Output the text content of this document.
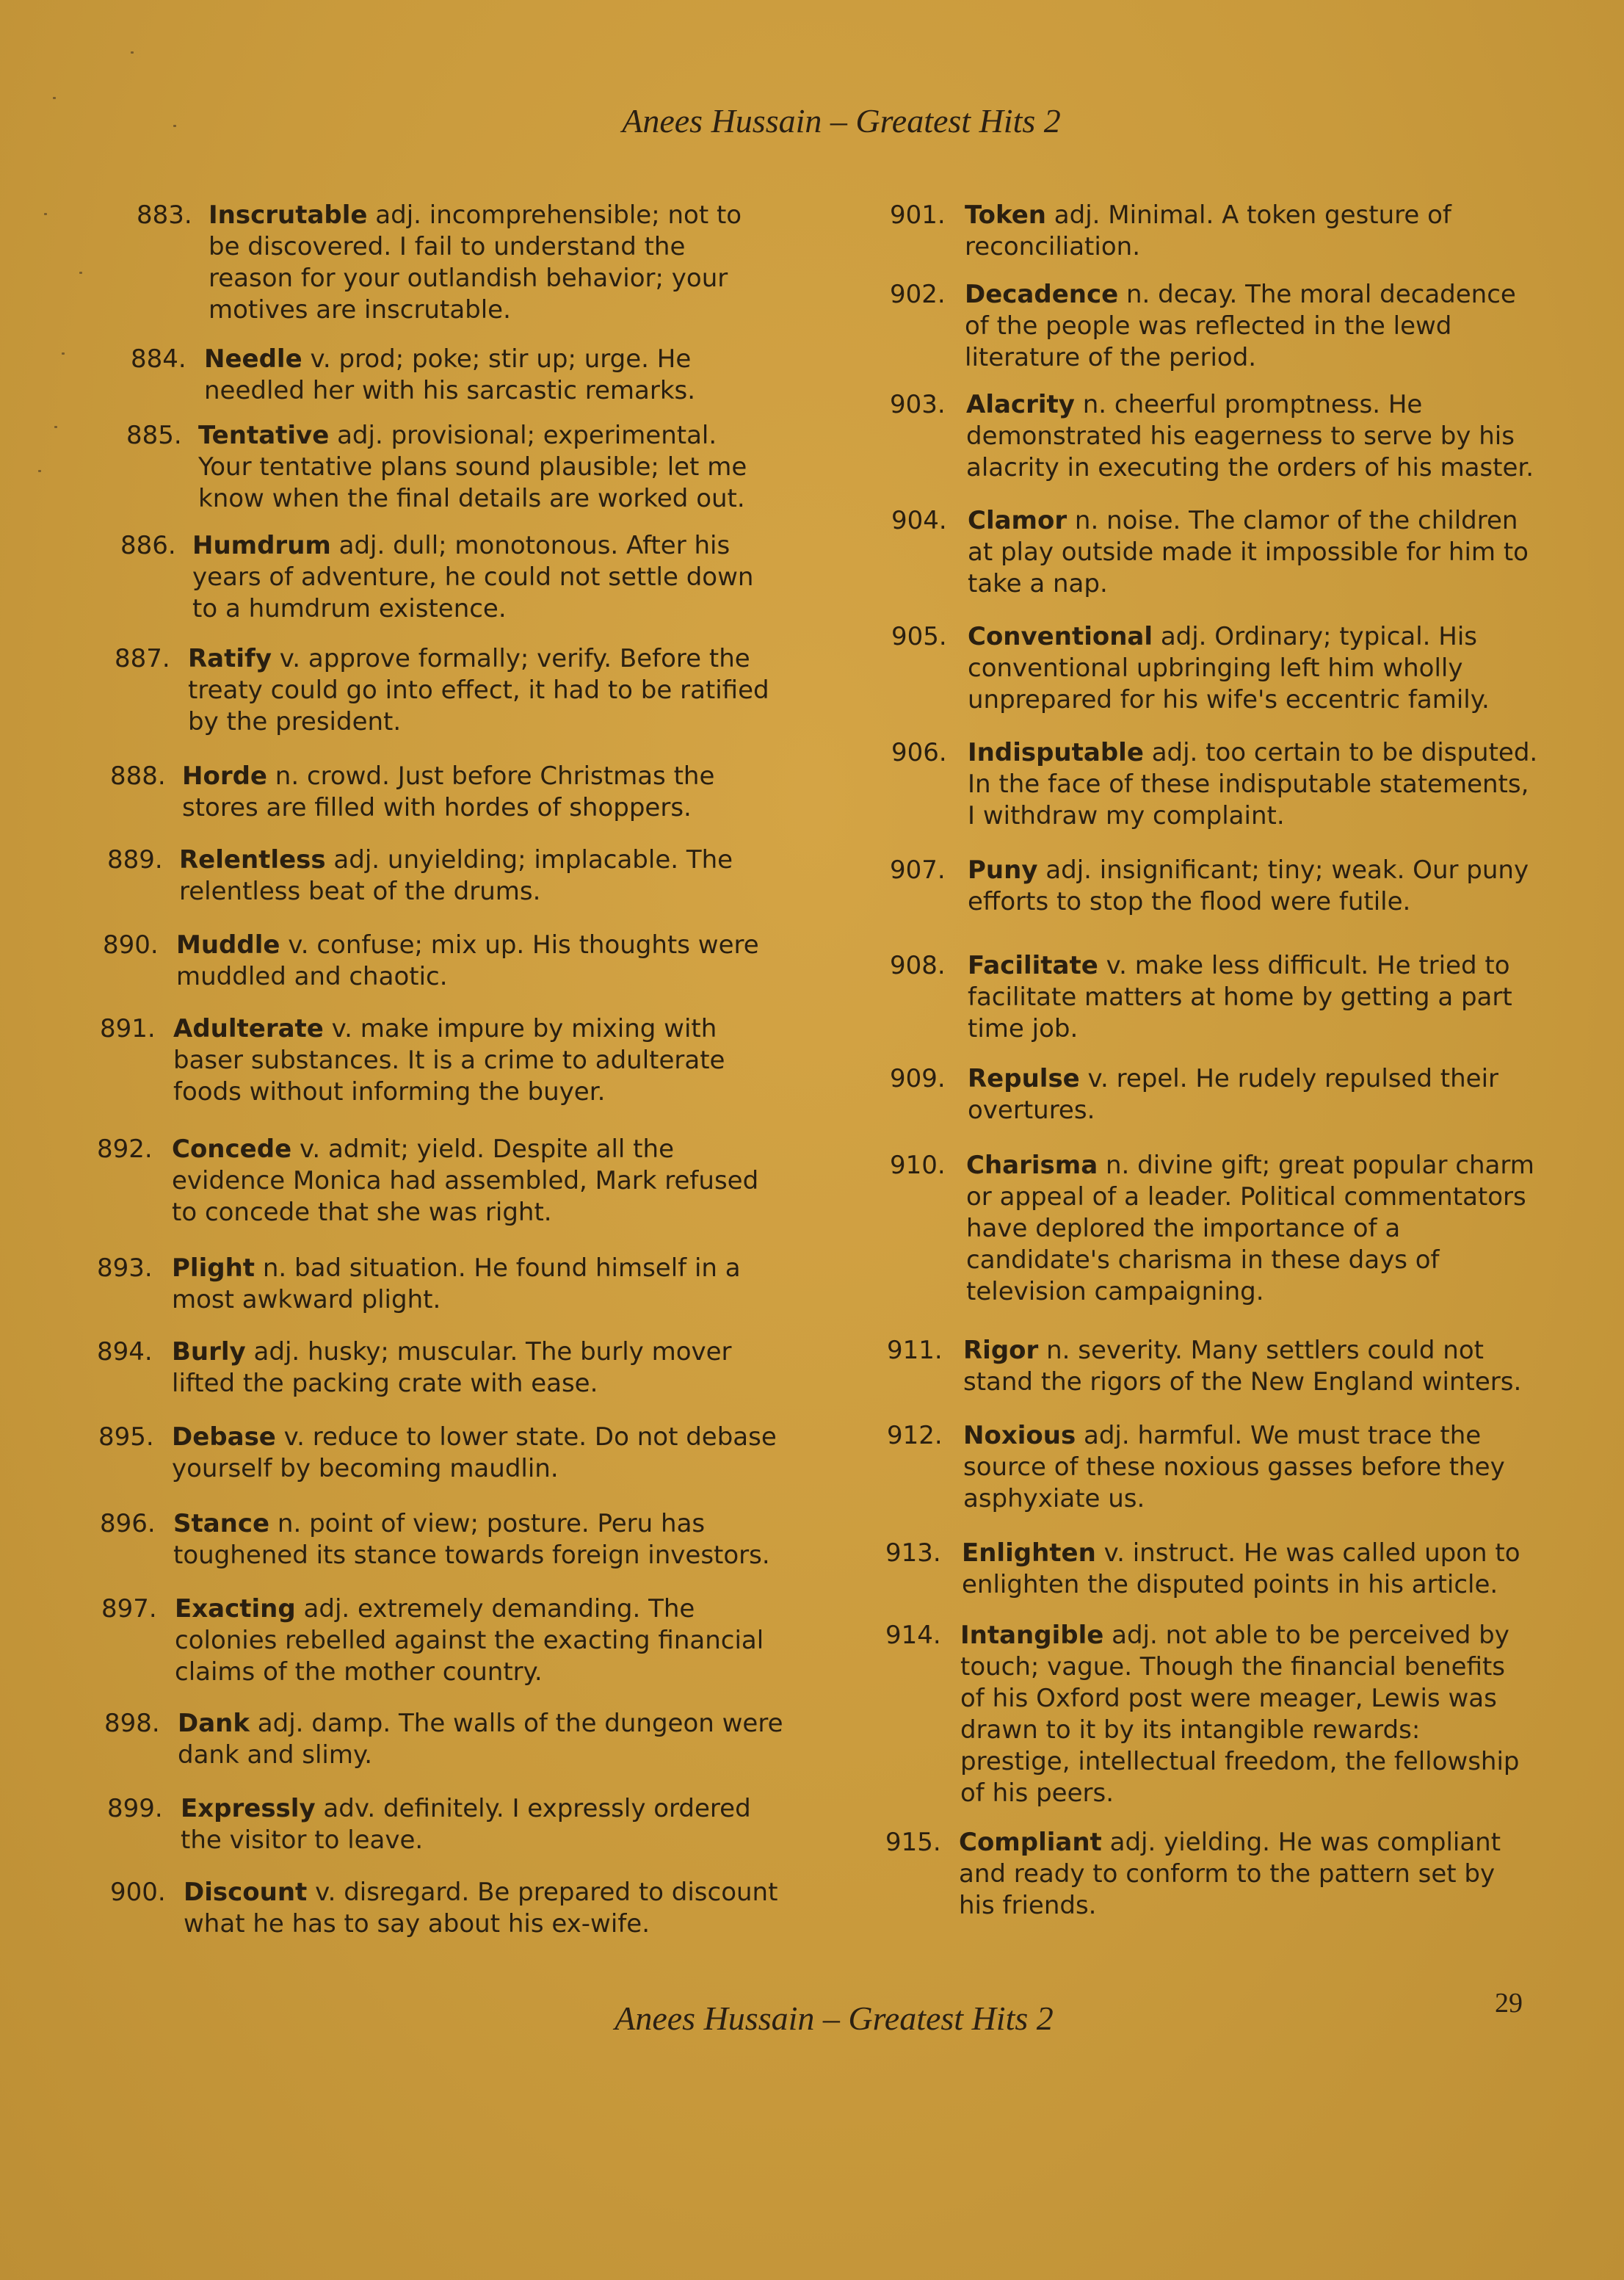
Anees Hussain – Greatest Hits 2
883. Inscrutable adj. incomprehensible; not to be discovered. I fail to understand the reason for your outlandish behavior; your motives are inscrutable.
884. Needle v. prod; poke; stir up; urge. He needled her with his sarcastic remarks.
885. Tentative adj. provisional; experimental. Your tentative plans sound plausible; let me know when the final details are worked out.
886. Humdrum adj. dull; monotonous. After his years of adventure, he could not settle down to a humdrum existence.
887. Ratify v. approve formally; verify. Before the treaty could go into effect, it had to be ratified by the president.
888. Horde n. crowd. Just before Christmas the stores are filled with hordes of shoppers.
889. Relentless adj. unyielding; implacable. The relentless beat of the drums.
890. Muddle v. confuse; mix up. His thoughts were muddled and chaotic.
891. Adulterate v. make impure by mixing with baser substances. It is a crime to adulterate foods without informing the buyer.
892. Concede v. admit; yield. Despite all the evidence Monica had assembled, Mark refused to concede that she was right.
893. Plight n. bad situation. He found himself in a most awkward plight.
894. Burly adj. husky; muscular. The burly mover lifted the packing crate with ease.
895. Debase v. reduce to lower state. Do not debase yourself by becoming maudlin.
896. Stance n. point of view; posture. Peru has toughened its stance towards foreign investors.
897. Exacting adj. extremely demanding. The colonies rebelled against the exacting financial claims of the mother country.
898. Dank adj. damp. The walls of the dungeon were dank and slimy.
899. Expressly adv. definitely. I expressly ordered the visitor to leave.
900. Discount v. disregard. Be prepared to discount what he has to say about his ex-wife.
901. Token adj. Minimal. A token gesture of reconciliation.
902. Decadence n. decay. The moral decadence of the people was reflected in the lewd literature of the period.
903. Alacrity n. cheerful promptness. He demonstrated his eagerness to serve by his alacrity in executing the orders of his master.
904. Clamor n. noise. The clamor of the children at play outside made it impossible for him to take a nap.
905. Conventional adj. Ordinary; typical. His conventional upbringing left him wholly unprepared for his wife's eccentric family.
906. Indisputable adj. too certain to be disputed. In the face of these indisputable statements, I withdraw my complaint.
907. Puny adj. insignificant; tiny; weak. Our puny efforts to stop the flood were futile.
908. Facilitate v. make less difficult. He tried to facilitate matters at home by getting a part time job.
909. Repulse v. repel. He rudely repulsed their overtures.
910. Charisma n. divine gift; great popular charm or appeal of a leader. Political commentators have deplored the importance of a candidate's charisma in these days of television campaigning.
911. Rigor n. severity. Many settlers could not stand the rigors of the New England winters.
912. Noxious adj. harmful. We must trace the source of these noxious gasses before they asphyxiate us.
913. Enlighten v. instruct. He was called upon to enlighten the disputed points in his article.
914. Intangible adj. not able to be perceived by touch; vague. Though the financial benefits of his Oxford post were meager, Lewis was drawn to it by its intangible rewards: prestige, intellectual freedom, the fellowship of his peers.
915. Compliant adj. yielding. He was compliant and ready to conform to the pattern set by his friends.
Anees Hussain – Greatest Hits 2	29
